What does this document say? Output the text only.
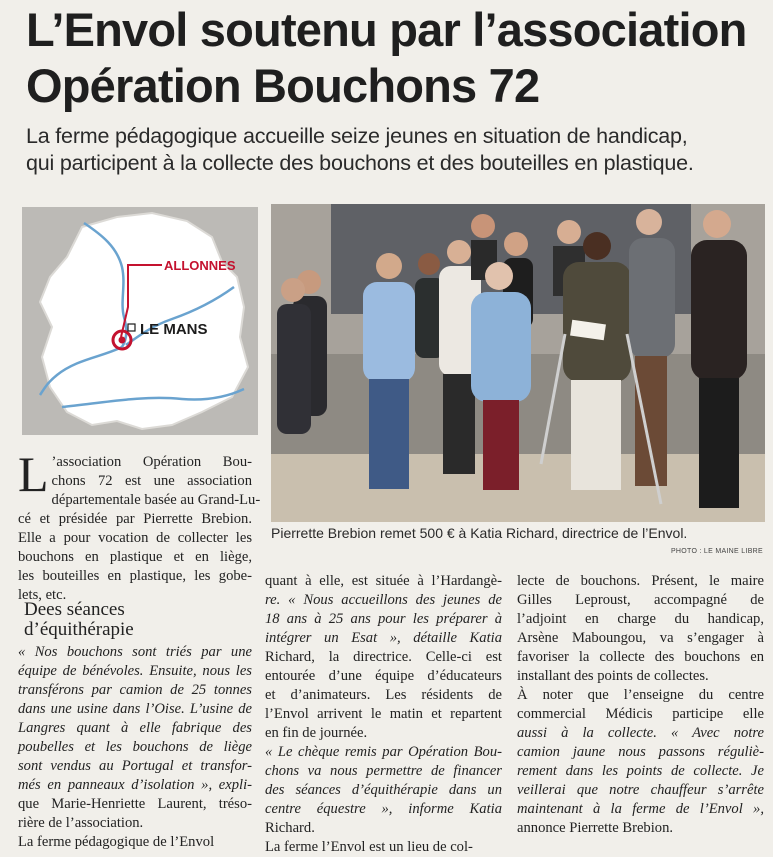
L’Envol soutenu par l’association
Opération Bouchons 72
La ferme pédagogique accueille seize jeunes en situation de handicap,
qui participent à la collecte des bouchons et des bouteilles en plastique.
ALLONNES
LE MANS
Pierrette Brebion remet 500 € à Katia Richard, directrice de l’Envol.
PHOTO : LE MAINE LIBRE
L ’association Opération Bou-
chons 72 est une association
départementale basée au Grand-Lu-
cé et présidée par Pierrette Brebion.
Elle a pour vocation de collecter les
bouchons en plastique et en liège,
les bouteilles en plastique, les gobe-
lets, etc.
Dees séances
d’équithérapie
« Nos bouchons sont triés par une
équipe de bénévoles. Ensuite, nous les
transférons par camion de 25 tonnes
dans une usine dans l’Oise. L’usine de
Langres quant à elle fabrique des
poubelles et les bouchons de liège
sont vendus au Portugal et transfor-
més en panneaux d’isolation », expli-
que Marie-Henriette Laurent, tréso-
rière de l’association.
La ferme pédagogique de l’Envol
quant à elle, est située à l’Hardangè-
re. « Nous accueillons des jeunes de
18 ans à 25 ans pour les préparer à
intégrer un Esat », détaille Katia
Richard, la directrice. Celle-ci est
entourée d’une équipe d’éducateurs
et d’animateurs. Les résidents de
l’Envol arrivent le matin et repartent
en fin de journée.
« Le chèque remis par Opération Bou-
chons va nous permettre de financer
des séances d’équithérapie dans un
centre équestre », informe Katia
Richard.
La ferme l’Envol est un lieu de col-
lecte de bouchons. Présent, le maire
Gilles Leproust, accompagné de
l’adjoint en charge du handicap,
Arsène Maboungou, va s’engager à
favoriser la collecte des bouchons en
installant des points de collectes.
À noter que l’enseigne du centre
commercial Médicis participe elle
aussi à la collecte. « Avec notre
camion jaune nous passons réguliè-
rement dans les points de collecte. Je
veillerai que notre chauffeur s’arrête
maintenant à la ferme de l’Envol »,
annonce Pierrette Brebion.
